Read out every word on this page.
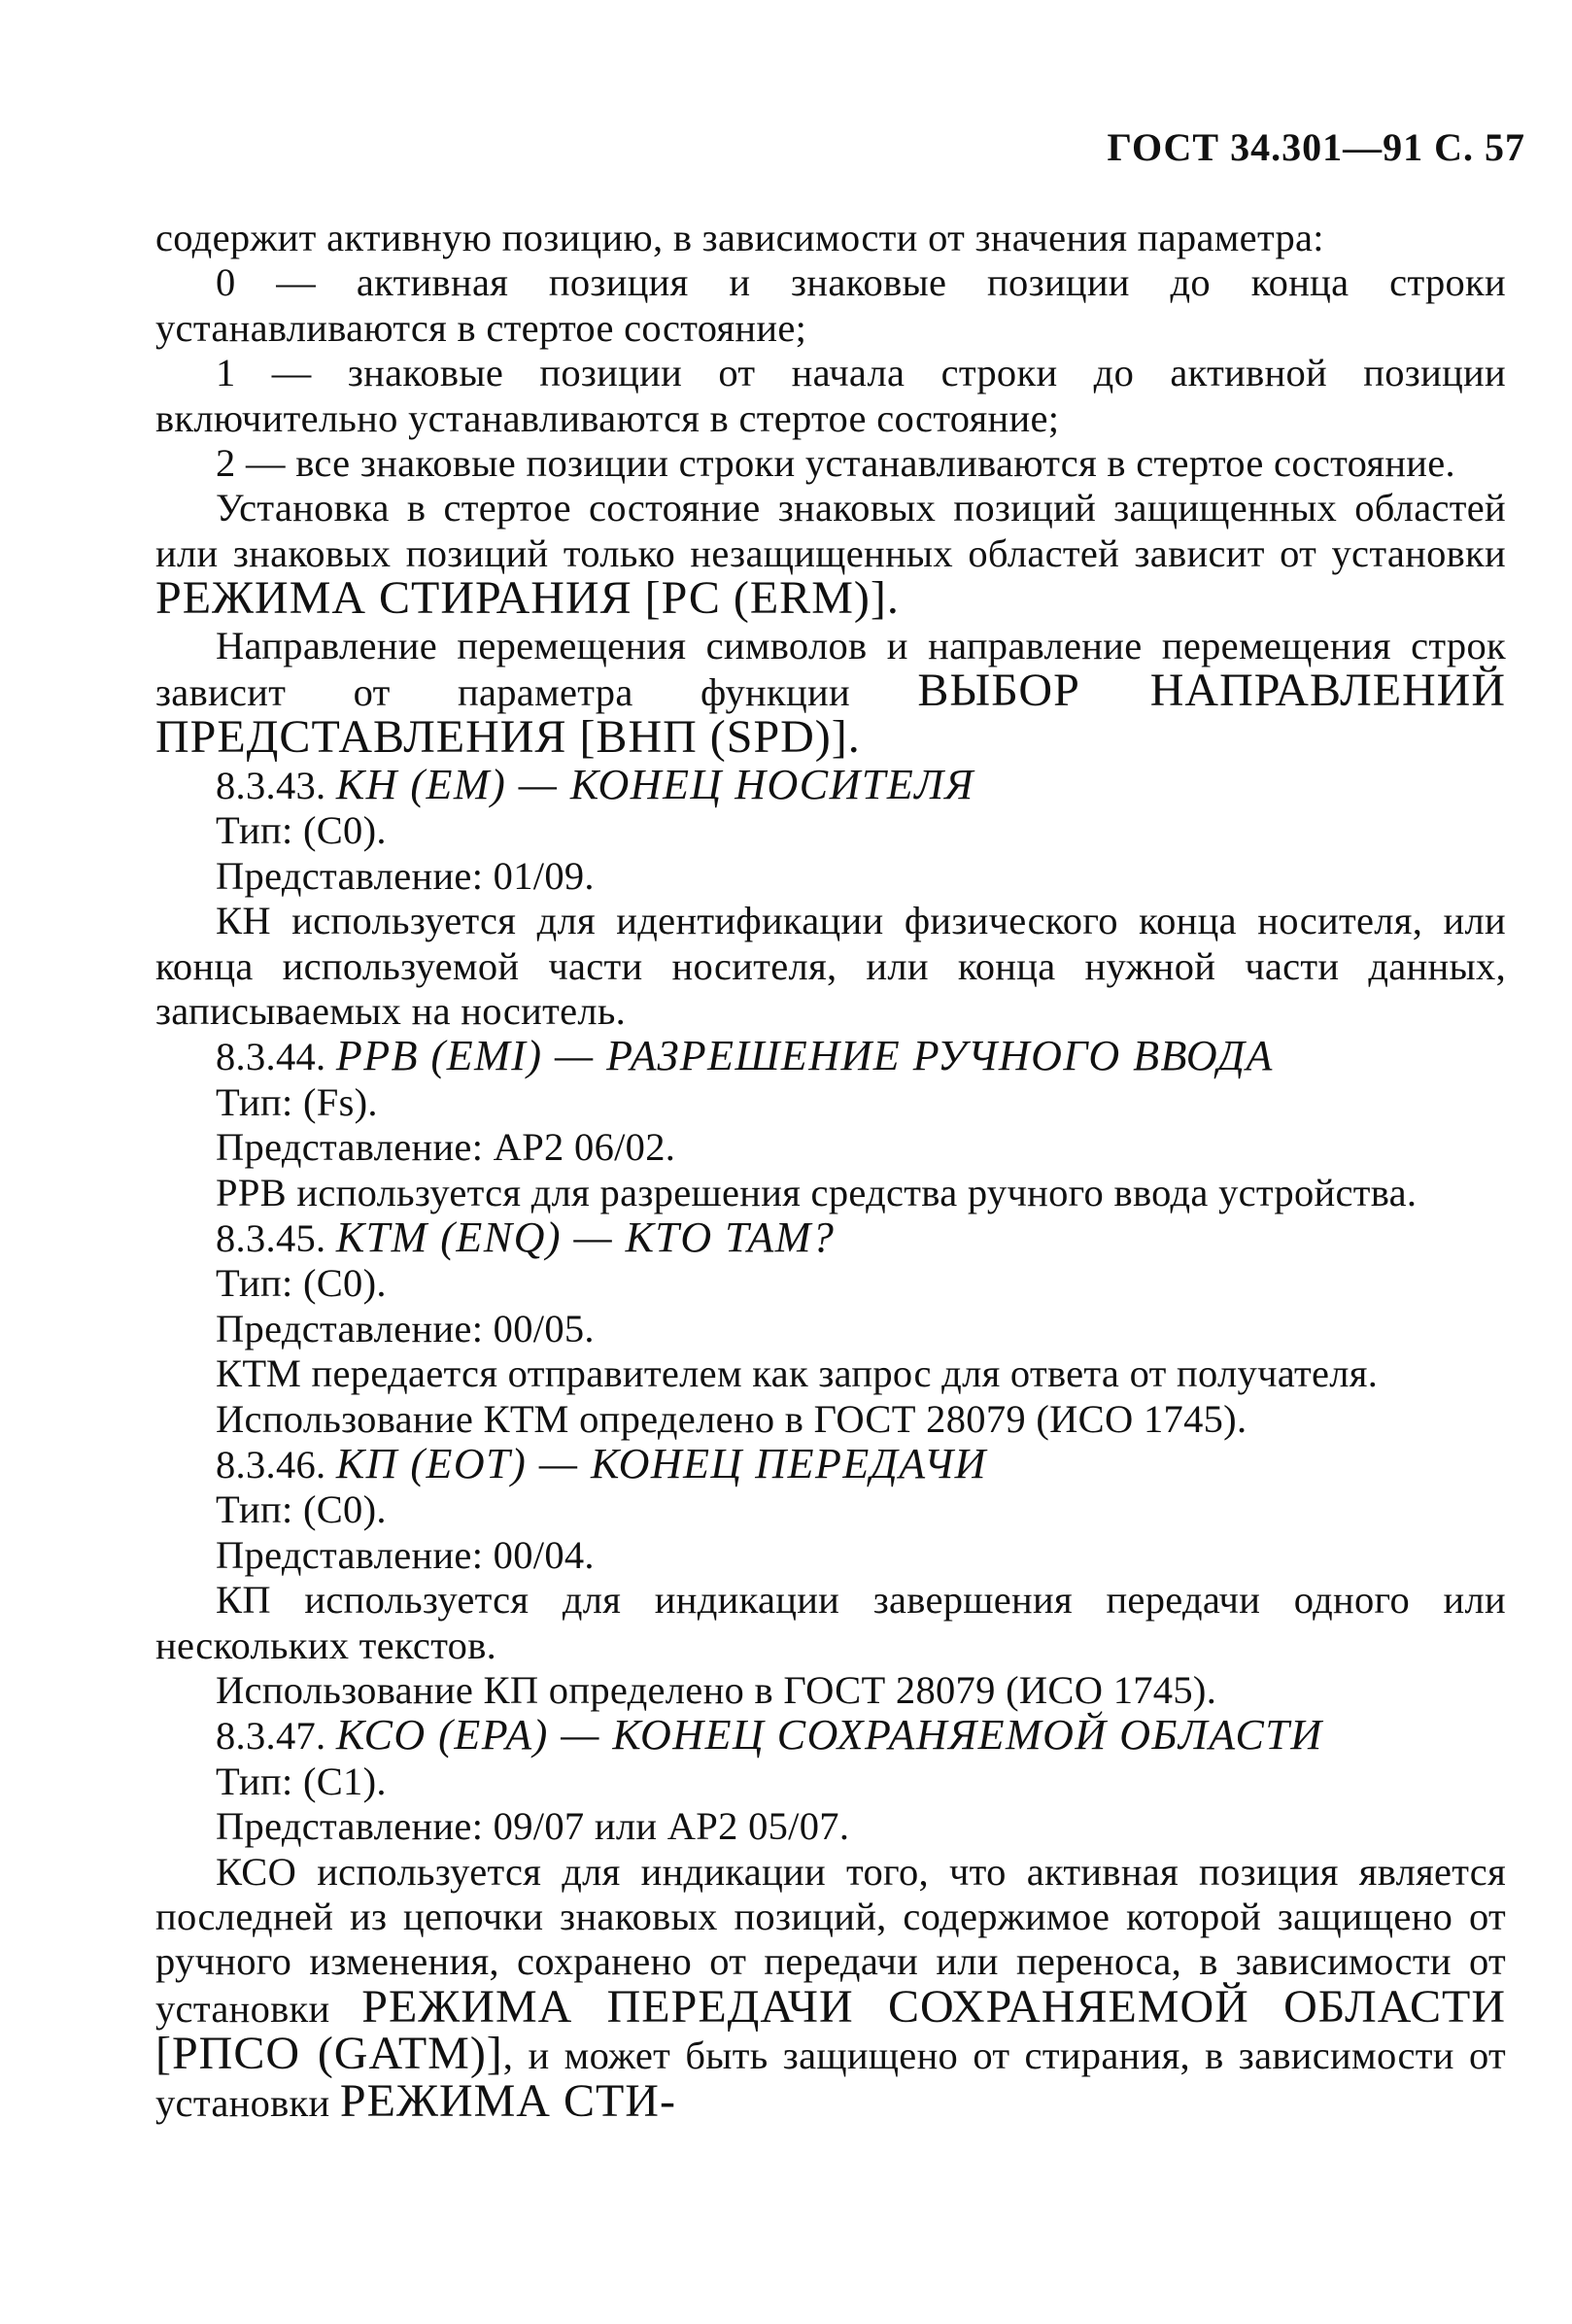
ГОСТ 34.301—91 С. 57

содержит активную позицию, в зависимости от значения параметра:

0 — активная позиция и знаковые позиции до конца строки устанавливаются в стертое состояние;

1 — знаковые позиции от начала строки до активной позиции включительно устанавливаются в стертое состояние;

2 — все знаковые позиции строки устанавливаются в стертое состояние.

Установка в стертое состояние знаковых позиций защищенных областей или знаковых позиций только незащищенных областей зависит от установки РЕЖИМА СТИРАНИЯ [РС (ERM)].

Направление перемещения символов и направление перемещения строк зависит от параметра функции ВЫБОР НАПРАВЛЕНИЙ ПРЕДСТАВЛЕНИЯ [ВНП (SPD)].

8.3.43. КН (ЕМ) — КОНЕЦ НОСИТЕЛЯ

Тип: (С0).

Представление: 01/09.

КН используется для идентификации физического конца носителя, или конца используемой части носителя, или конца нужной части данных, записываемых на носитель.

8.3.44. РРВ (EMI) — РАЗРЕШЕНИЕ РУЧНОГО ВВОДА

Тип: (Fs).

Представление: АР2 06/02.

РРВ используется для разрешения средства ручного ввода устройства.

8.3.45. КТМ (ENQ) — КТО ТАМ?

Тип: (С0).

Представление: 00/05.

КТМ передается отправителем как запрос для ответа от получателя.

Использование КТМ определено в ГОСТ 28079 (ИСО 1745).

8.3.46. КП (ЕОТ) — КОНЕЦ ПЕРЕДАЧИ

Тип: (С0).

Представление: 00/04.

КП используется для индикации завершения передачи одного или нескольких текстов.

Использование КП определено в ГОСТ 28079 (ИСО 1745).

8.3.47. КСО (ЕРА) — КОНЕЦ СОХРАНЯЕМОЙ ОБЛАСТИ

Тип: (С1).

Представление: 09/07 или АР2 05/07.

КСО используется для индикации того, что активная позиция является последней из цепочки знаковых позиций, содержимое которой защищено от ручного изменения, сохранено от передачи или переноса, в зависимости от установки РЕЖИМА ПЕРЕДАЧИ СОХРАНЯЕМОЙ ОБЛАСТИ [РПСО (GATM)], и может быть защищено от стирания, в зависимости от установки РЕЖИМА СТИ-
